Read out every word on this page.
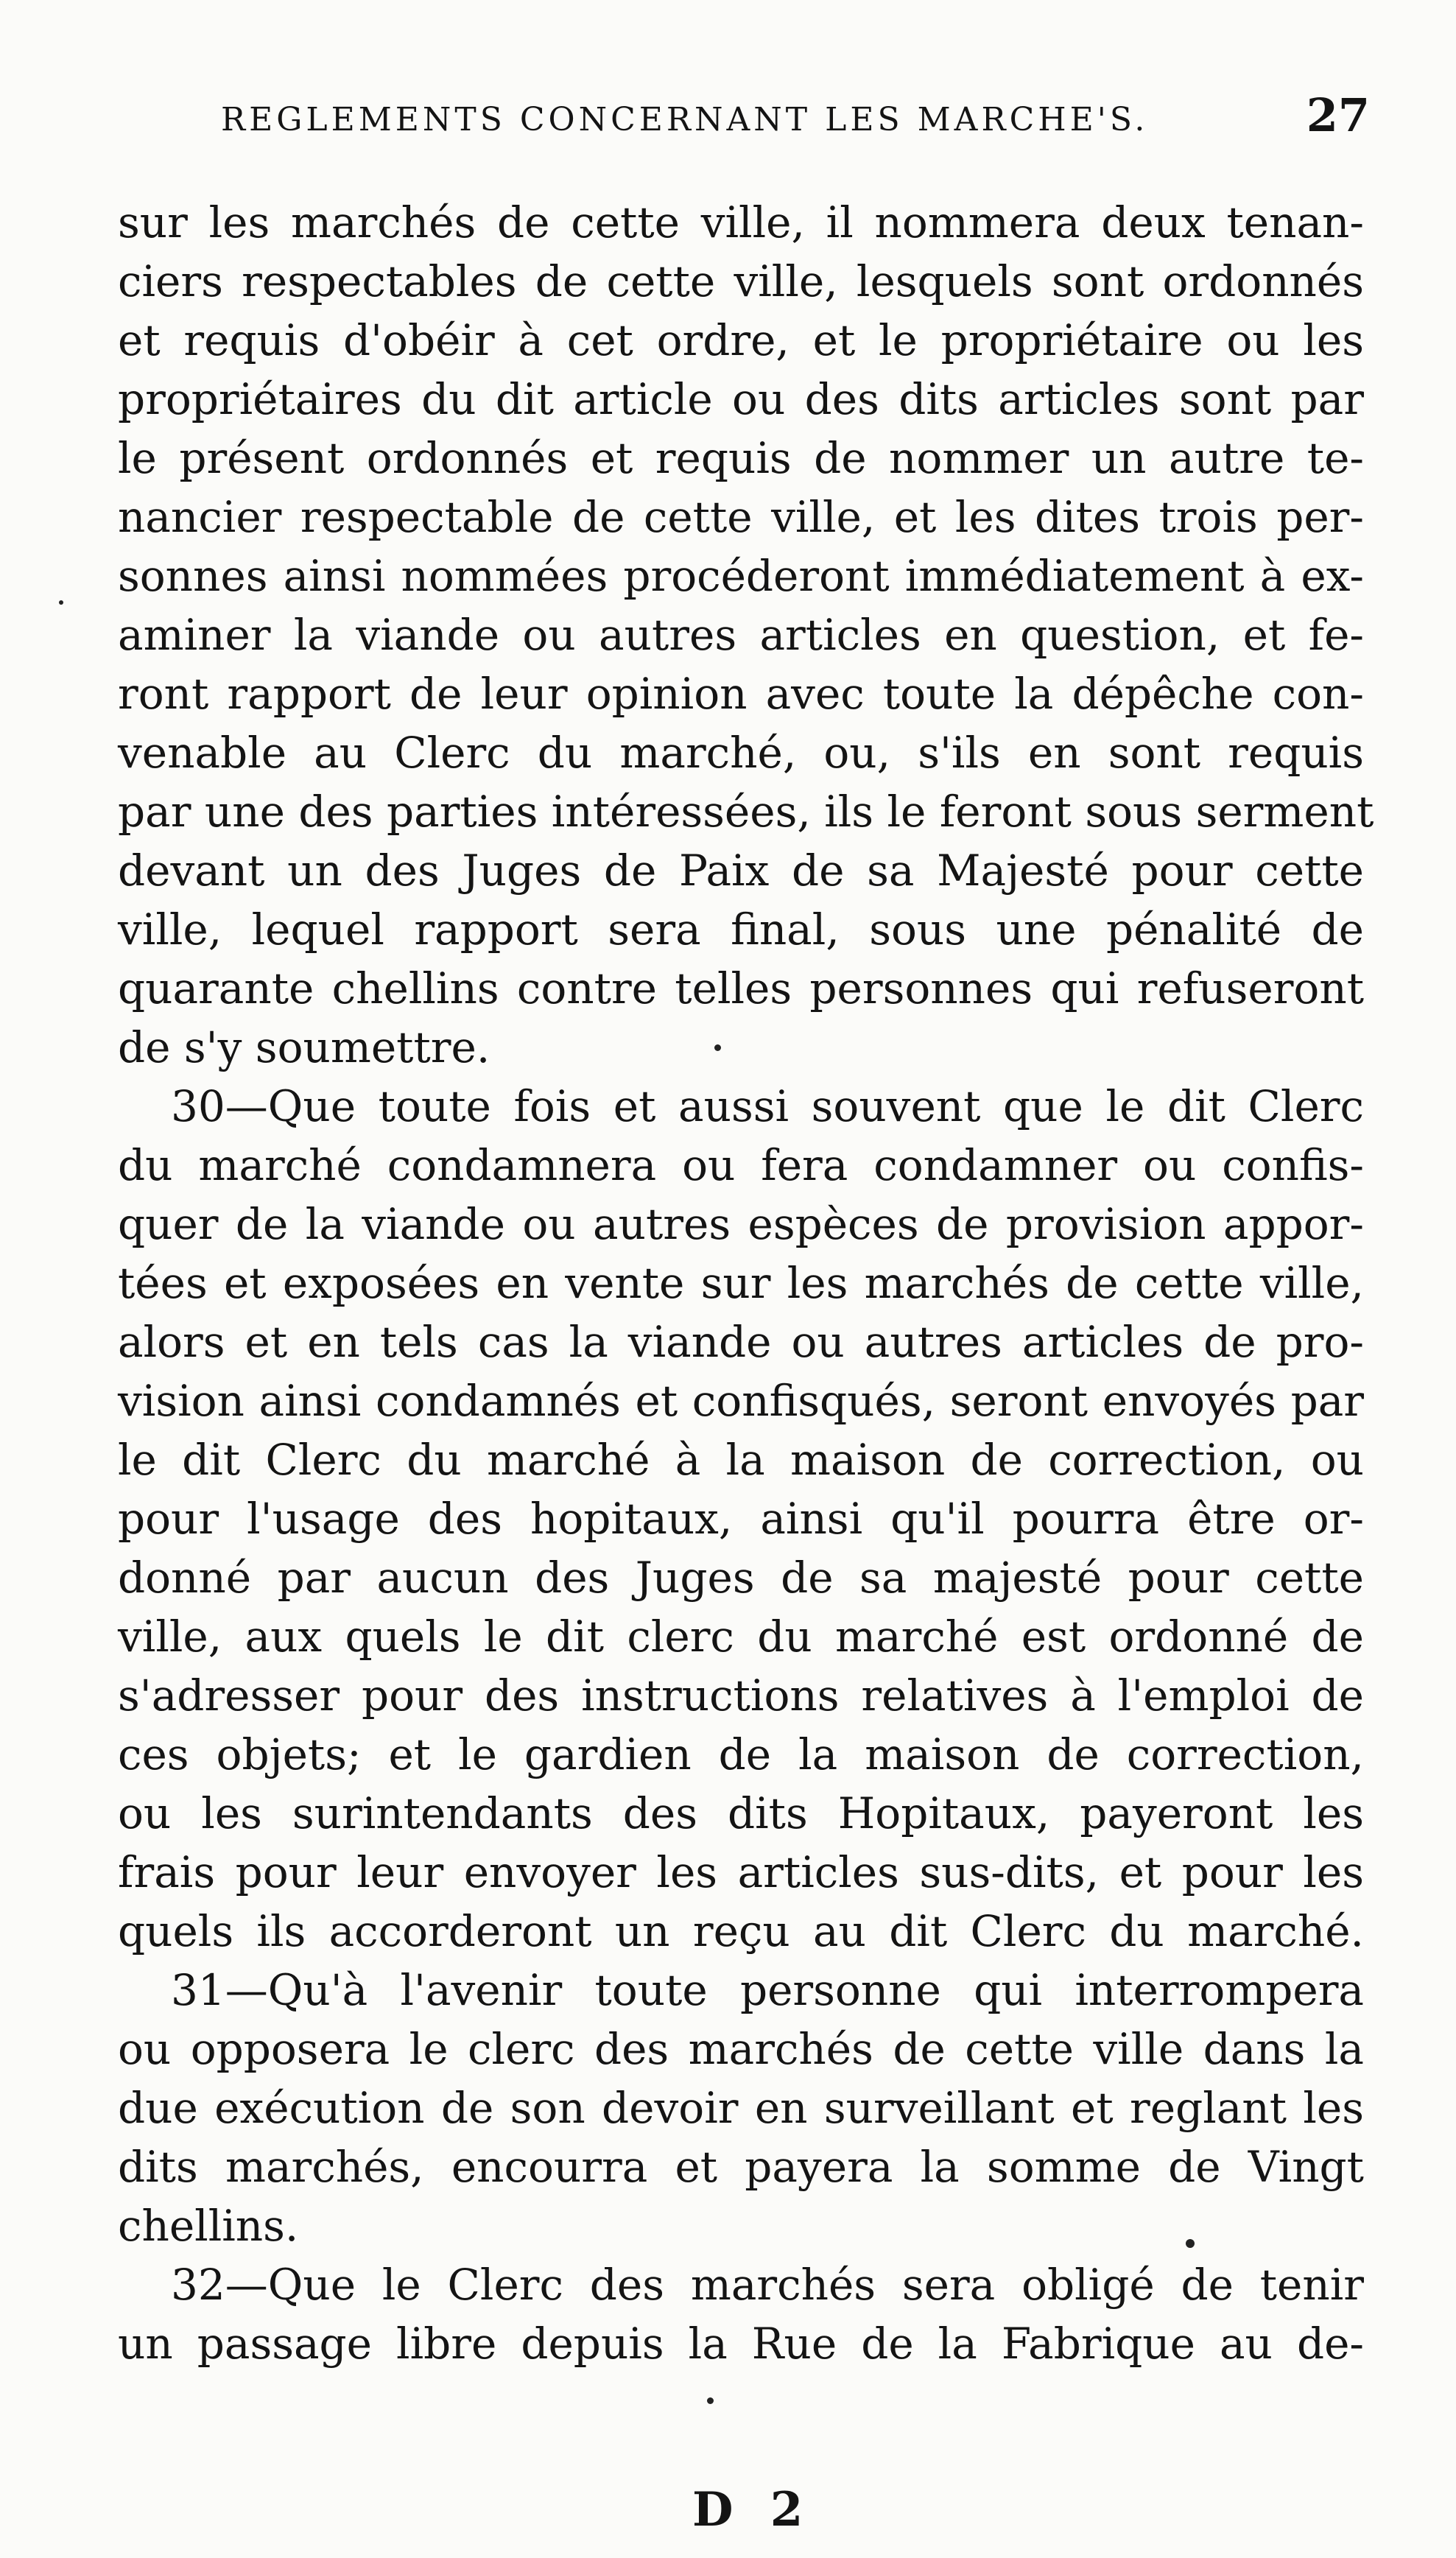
REGLEMENTS CONCERNANT LES MARCHE'S.	27
sur les marchés de cette ville, il nommera deux tenan-
ciers respectables de cette ville, lesquels sont ordonnés
et requis d'obéir à cet ordre, et le propriétaire ou les
propriétaires du dit article ou des dits articles sont par
le présent ordonnés et requis de nommer un autre te-
nancier respectable de cette ville, et les dites trois per-
sonnes ainsi nommées procéderont immédiatement à ex-
aminer la viande ou autres articles en question, et fe-
ront rapport de leur opinion avec toute la dépêche con-
venable au Clerc du marché, ou, s'ils en sont requis
par une des parties intéressées, ils le feront sous serment
devant un des Juges de Paix de sa Majesté pour cette
ville, lequel rapport sera final, sous une pénalité de
quarante chellins contre telles personnes qui refuseront
de s'y soumettre.
30—Que toute fois et aussi souvent que le dit Clerc
du marché condamnera ou fera condamner ou confis-
quer de la viande ou autres espèces de provision appor-
tées et exposées en vente sur les marchés de cette ville,
alors et en tels cas la viande ou autres articles de pro-
vision ainsi condamnés et confisqués, seront envoyés par
le dit Clerc du marché à la maison de correction, ou
pour l'usage des hopitaux, ainsi qu'il pourra être or-
donné par aucun des Juges de sa majesté pour cette
ville, aux quels le dit clerc du marché est ordonné de
s'adresser pour des instructions relatives à l'emploi de
ces objets; et le gardien de la maison de correction,
ou les surintendants des dits Hopitaux, payeront les
frais pour leur envoyer les articles sus-dits, et pour les
quels ils accorderont un reçu au dit Clerc du marché.
31—Qu'à l'avenir toute personne qui interrompera
ou opposera le clerc des marchés de cette ville dans la
due exécution de son devoir en surveillant et reglant les
dits marchés, encourra et payera la somme de Vingt
chellins.
32—Que le Clerc des marchés sera obligé de tenir
un passage libre depuis la Rue de la Fabrique au de-
D 2
